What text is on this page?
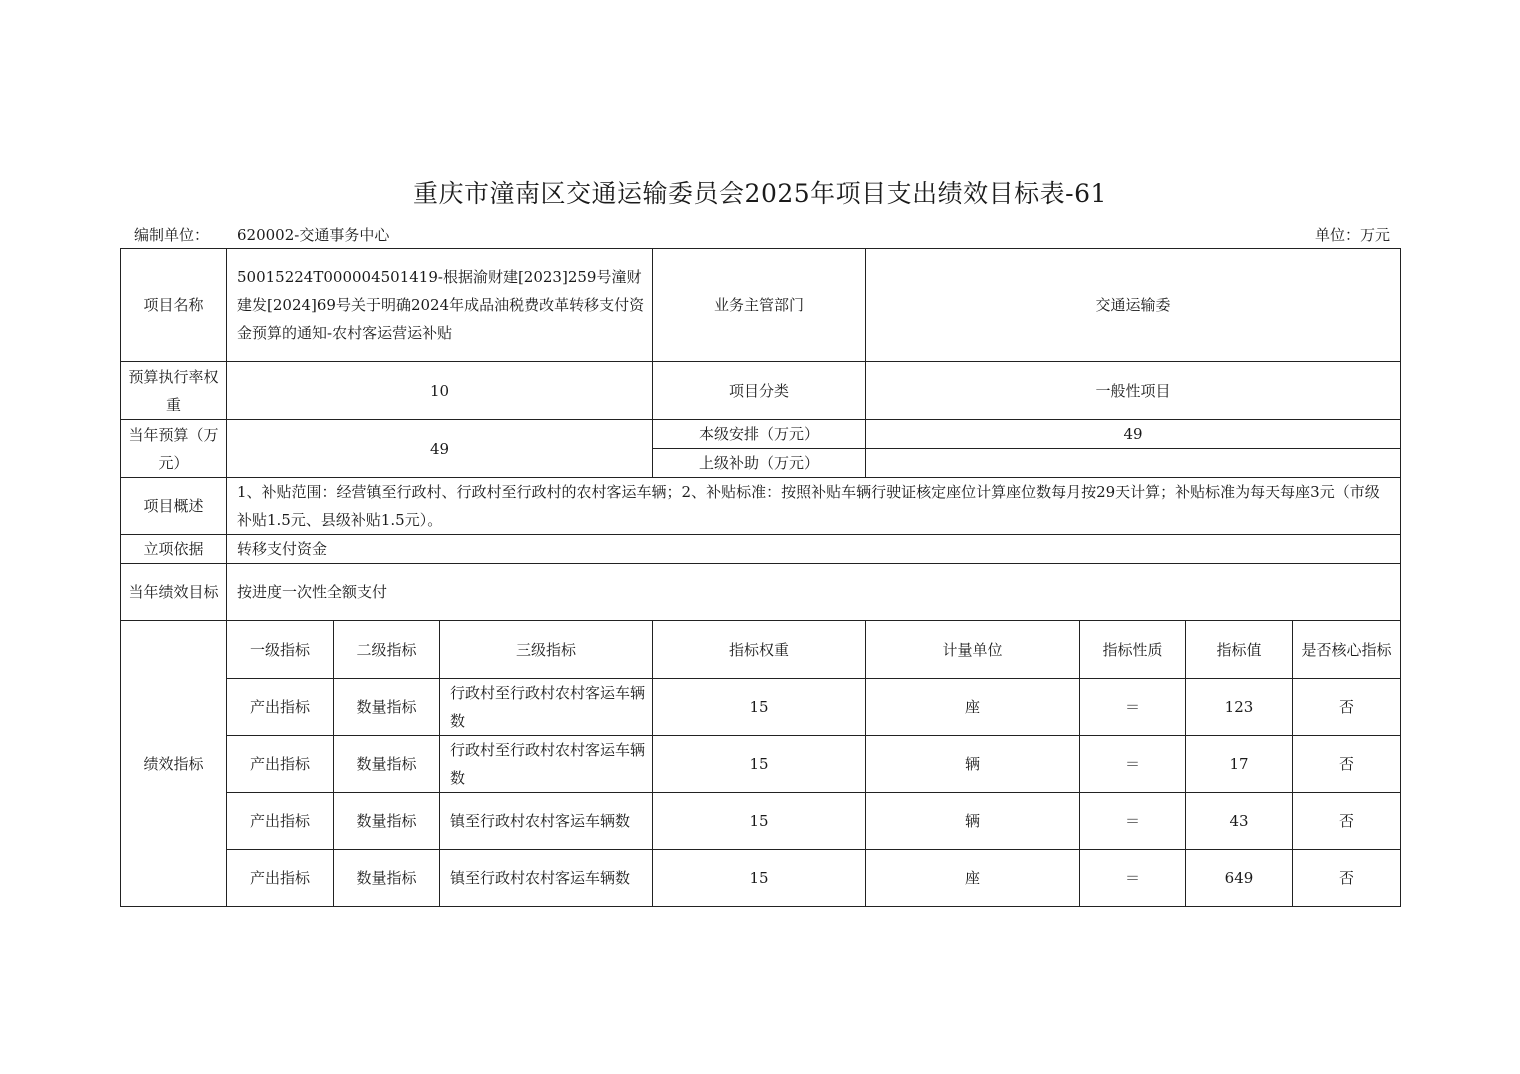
重庆市潼南区交通运输委员会2025年项目支出绩效目标表-61
编制单位： 620002-交通事务中心	单位：万元
项目名称	50015224T000004501419-根据渝财建[2023]259号潼财建发[2024]69号关于明确2024年成品油税费改革转移支付资金预算的通知-农村客运营运补贴			业务主管部门	交通运输委			
预算执行率权重	10			项目分类	一般性项目			
当年预算（万元）	49			本级安排（万元）	49			
				上级补助（万元）				
项目概述	1、补贴范围：经营镇至行政村、行政村至行政村的农村客运车辆；2、补贴标准：按照补贴车辆行驶证核定座位计算座位数每月按29天计算；补贴标准为每天每座3元（市级补贴1.5元、县级补贴1.5元）。							
立项依据	转移支付资金							
当年绩效目标	按进度一次性全额支付							
绩效指标	一级指标	二级指标	三级指标	指标权重	计量单位	指标性质	指标值	是否核心指标
	产出指标	数量指标	行政村至行政村农村客运车辆数	15	座	＝	123	否
	产出指标	数量指标	行政村至行政村农村客运车辆数	15	辆	＝	17	否
	产出指标	数量指标	镇至行政村农村客运车辆数	15	辆	＝	43	否
	产出指标	数量指标	镇至行政村农村客运车辆数	15	座	＝	649	否
